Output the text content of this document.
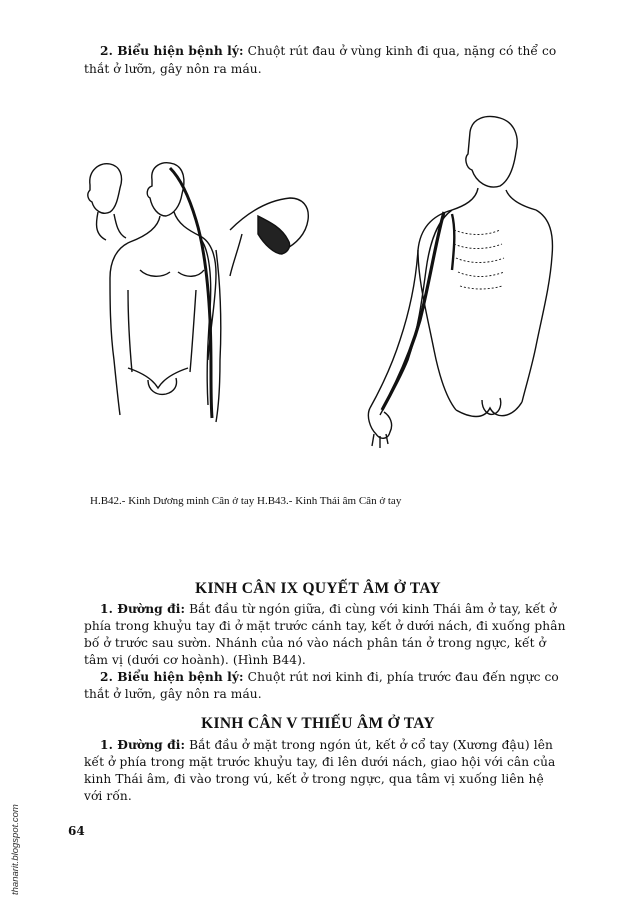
2. Biểu hiện bệnh lý: Chuột rút đau ở vùng kinh đi qua, nặng có thể co
thắt ở lưỡn, gây nôn ra máu.
H.B42.- Kinh Dương minh Cân ở tay H.B43.- Kinh Thái âm Cân ở tay
KINH CÂN IX QUYẾT ÂM Ở TAY
1. Đường đi: Bắt đầu từ ngón giữa, đi cùng với kinh Thái âm ở tay, kết ở
phía trong khuỷu tay đi ở mặt trước cánh tay, kết ở dưới nách, đi xuống phân
bố ở trước sau sườn. Nhánh của nó vào nách phân tán ở trong ngực, kết ở
tâm vị (dưới cơ hoành). (Hình B44).
2. Biểu hiện bệnh lý: Chuột rút nơi kinh đi, phía trước đau đến ngực co
thắt ở lưỡn, gây nôn ra máu.
KINH CÂN V THIẾU ÂM Ở TAY
1. Đường đi: Bắt đầu ở mặt trong ngón út, kết ở cổ tay (Xương đậu) lên
kết ở phía trong mặt trước khuỷu tay, đi lên dưới nách, giao hội với cân của
kinh Thái âm, đi vào trong vú, kết ở trong ngực, qua tâm vị xuống liên hệ
với rốn.
64
thanarit.blogspot.com
